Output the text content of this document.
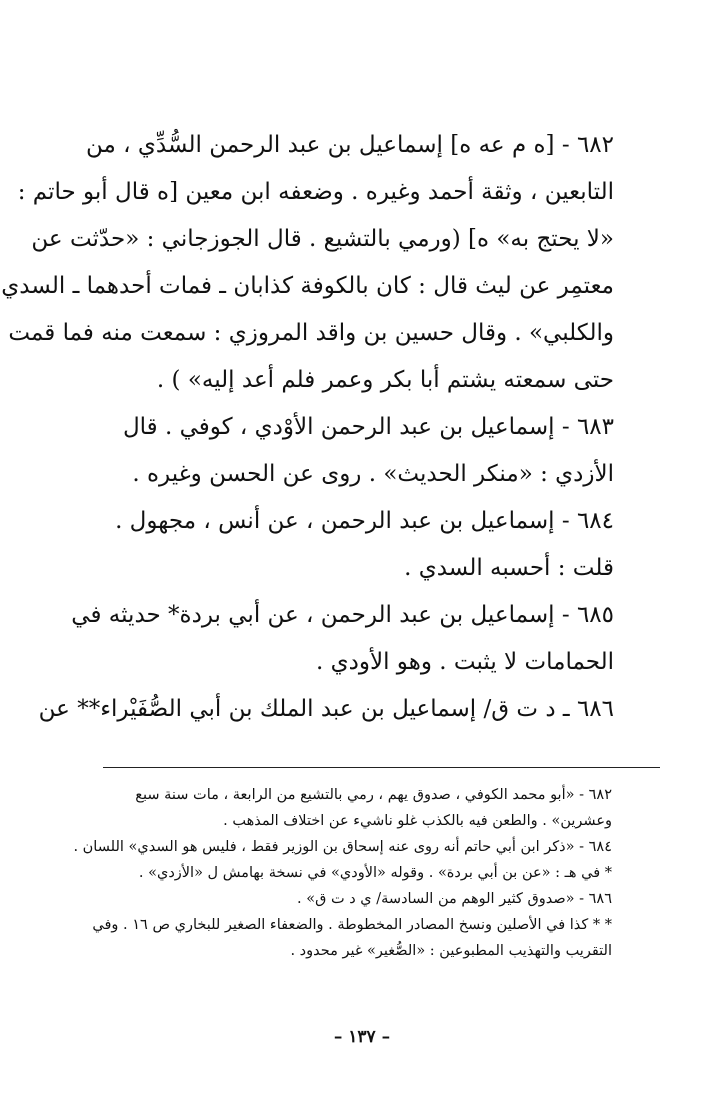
٦٨٢ - [ه م عه ه] إسماعيل بن عبد الرحمن السُّدِّي ، من
التابعين ، وثقة أحمد وغيره . وضعفه ابن معين [ه قال أبو حاتم :
«لا يحتج به» ه] (ورمي بالتشيع . قال الجوزجاني : «حدّثت عن
معتمِر عن ليث قال : كان بالكوفة كذابان ـ فمات أحدهما ـ السدي
والكلبي» . وقال حسين بن واقد المروزي : سمعت منه فما قمت
حتى سمعته يشتم أبا بكر وعمر فلم أعد إليه» ) .
٦٨٣ - إسماعيل بن عبد الرحمن الأوْدي ، كوفي . قال
الأزدي : «منكر الحديث» . روى عن الحسن وغيره .
٦٨٤ - إسماعيل بن عبد الرحمن ، عن أنس ، مجهول .
قلت : أحسبه السدي .
٦٨٥ - إسماعيل بن عبد الرحمن ، عن أبي بردة* حديثه في
الحمامات لا يثبت . وهو الأودي .
٦٨٦ ـ د ت ق/ إسماعيل بن عبد الملك بن أبي الصُّفَيْراء** عن
٦٨٢ - «أبو محمد الكوفي ، صدوق يهم ، رمي بالتشيع من الرابعة ، مات سنة سبع
وعشرين» . والطعن فيه بالكذب غلو ناشيء عن اختلاف المذهب .
٦٨٤ - «ذكر ابن أبي حاتم أنه روى عنه إسحاق بن الوزير فقط ، فليس هو السدي» اللسان .
* في هـ : «عن بن أبي بردة» . وقوله «الأودي» في نسخة بهامش ل «الأزدي» .
٦٨٦ - «صدوق كثير الوهم من السادسة/ ي د ت ق» .
* * كذا في الأصلين ونسخ المصادر المخطوطة . والضعفاء الصغير للبخاري ص ١٦ . وفي
التقريب والتهذيب المطبوعين : «الصُّغير» غير محدود .
– ١٣٧ –
